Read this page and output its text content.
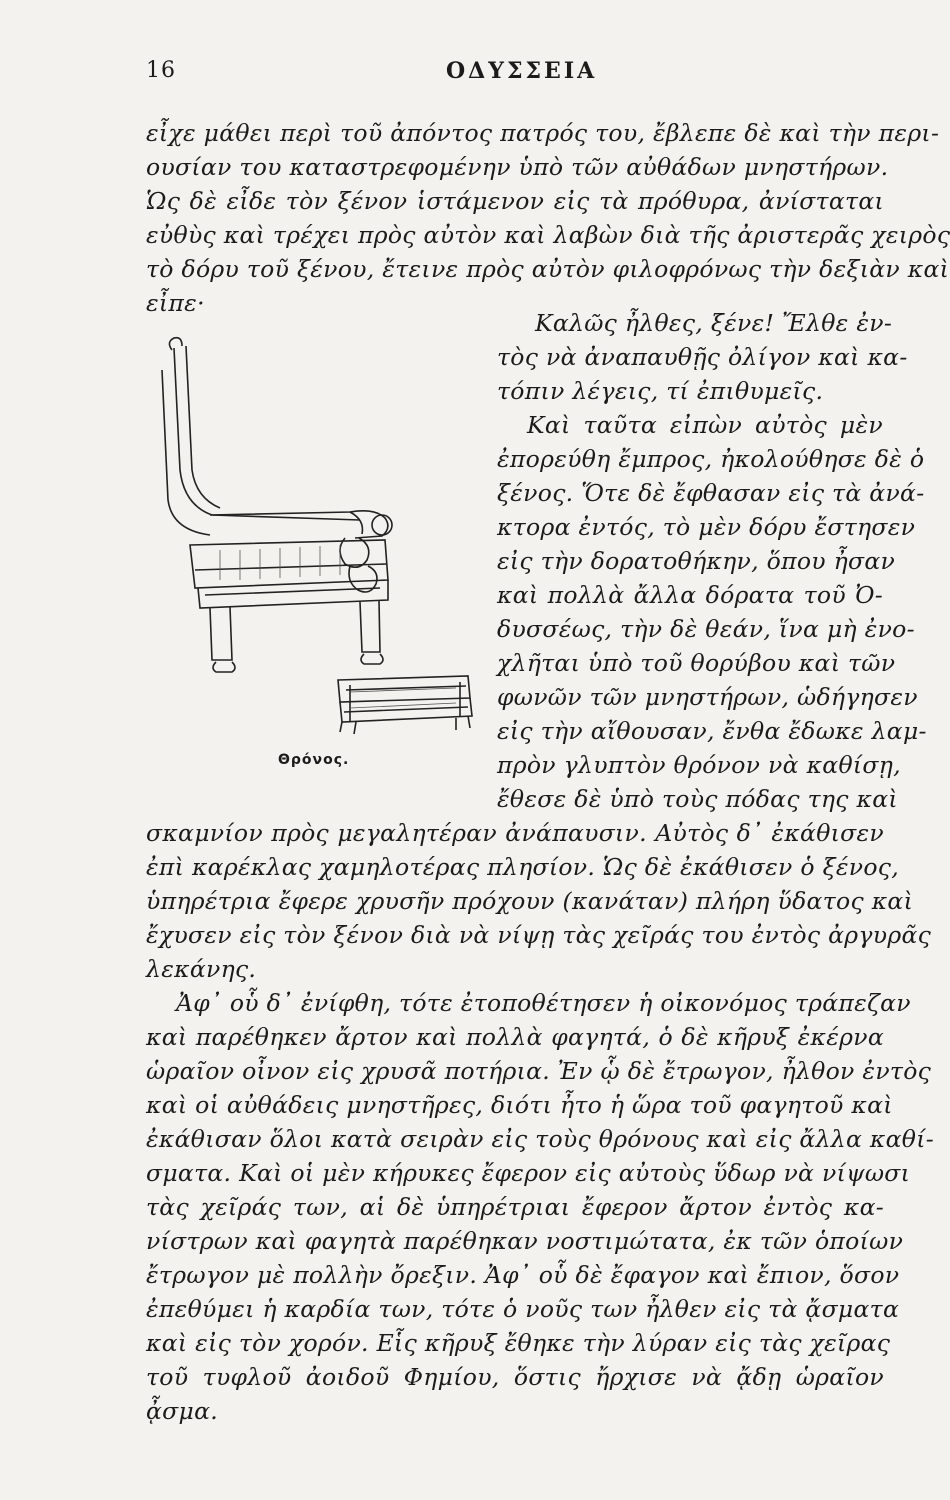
16	ΟΔΥΣΣΕΙΑ
εἶχε μάθει περὶ τοῦ ἀπόντος πατρός του, ἔβλεπε δὲ καὶ τὴν περι-
ουσίαν του καταστρεφομένην ὑπὸ τῶν αὐθάδων μνηστήρων.
Ὡς δὲ εἶδε τὸν ξένον ἱστάμενον εἰς τὰ πρόθυρα, ἀνίσταται
εὐθὺς καὶ τρέχει πρὸς αὐτὸν καὶ λαβὼν διὰ τῆς ἀριστερᾶς χειρὸς
τὸ δόρυ τοῦ ξένου, ἔτεινε πρὸς αὐτὸν φιλοφρόνως τὴν δεξιὰν καὶ
εἶπε·
Θρόνος.
Καλῶς ἦλθες, ξένε! Ἔλθε ἐν-
τὸς νὰ ἀναπαυθῇς ὀλίγον καὶ κα-
τόπιν λέγεις, τί ἐπιθυμεῖς.
Καὶ ταῦτα εἰπὼν αὐτὸς μὲν
ἐπορεύθη ἔμπρος, ἠκολούθησε δὲ ὁ
ξένος. Ὅτε δὲ ἔφθασαν εἰς τὰ ἀνά-
κτορα ἐντός, τὸ μὲν δόρυ ἔστησεν
εἰς τὴν δορατοθήκην, ὅπου ἦσαν
καὶ πολλὰ ἄλλα δόρατα τοῦ Ὀ-
δυσσέως, τὴν δὲ θεάν, ἵνα μὴ ἐνο-
χλῆται ὑπὸ τοῦ θορύβου καὶ τῶν
φωνῶν τῶν μνηστήρων, ὡδήγησεν
εἰς τὴν αἴθουσαν, ἔνθα ἔδωκε λαμ-
πρὸν γλυπτὸν θρόνον νὰ καθίσῃ,
ἔθεσε δὲ ὑπὸ τοὺς πόδας της καὶ
σκαμνίον πρὸς μεγαλητέραν ἀνάπαυσιν. Αὐτὸς δ᾽ ἐκάθισεν
ἐπὶ καρέκλας χαμηλοτέρας πλησίον. Ὡς δὲ ἐκάθισεν ὁ ξένος,
ὑπηρέτρια ἔφερε χρυσῆν πρόχουν (κανάταν) πλήρη ὕδατος καὶ
ἔχυσεν εἰς τὸν ξένον διὰ νὰ νίψῃ τὰς χεῖράς του ἐντὸς ἀργυρᾶς
λεκάνης.
Ἀφ᾽ οὗ δ᾽ ἐνίφθη, τότε ἐτοποθέτησεν ἡ οἰκονόμος τράπεζαν
καὶ παρέθηκεν ἄρτον καὶ πολλὰ φαγητά, ὁ δὲ κῆρυξ ἐκέρνα
ὡραῖον οἶνον εἰς χρυσᾶ ποτήρια. Ἐν ᾧ δὲ ἔτρωγον, ἦλθον ἐντὸς
καὶ οἱ αὐθάδεις μνηστῆρες, διότι ἦτο ἡ ὥρα τοῦ φαγητοῦ καὶ
ἐκάθισαν ὅλοι κατὰ σειρὰν εἰς τοὺς θρόνους καὶ εἰς ἄλλα καθί-
σματα. Καὶ οἱ μὲν κήρυκες ἔφερον εἰς αὐτοὺς ὕδωρ νὰ νίψωσι
τὰς χεῖράς των, αἱ δὲ ὑπηρέτριαι ἔφερον ἄρτον ἐντὸς κα-
νίστρων καὶ φαγητὰ παρέθηκαν νοστιμώτατα, ἐκ τῶν ὁποίων
ἔτρωγον μὲ πολλὴν ὄρεξιν. Ἀφ᾽ οὗ δὲ ἔφαγον καὶ ἔπιον, ὅσον
ἐπεθύμει ἡ καρδία των, τότε ὁ νοῦς των ἦλθεν εἰς τὰ ᾄσματα
καὶ εἰς τὸν χορόν. Εἷς κῆρυξ ἔθηκε τὴν λύραν εἰς τὰς χεῖρας
τοῦ τυφλοῦ ἀοιδοῦ Φημίου, ὅστις ἤρχισε νὰ ᾄδῃ ὡραῖον
ᾆσμα.
